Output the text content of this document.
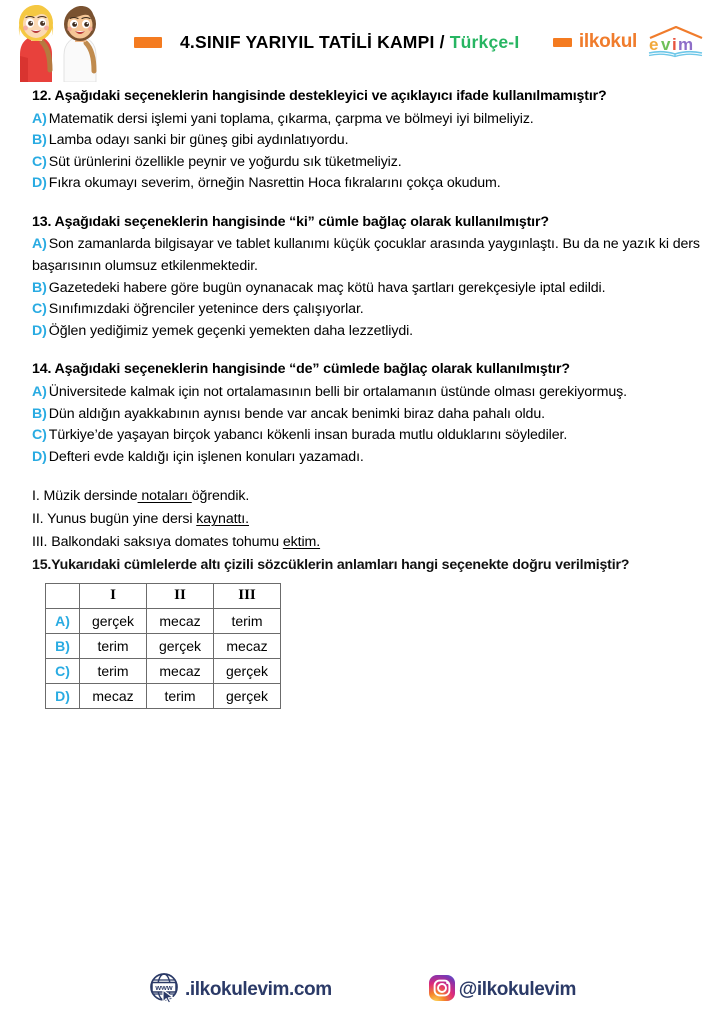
4.SINIF YARIYIL TATİLİ KAMPI / Türkçe-I	ilkokul e v i m

12. Aşağıdaki seçeneklerin hangisinde destekleyici ve açıklayıcı ifade kullanılmamıştır?

A) Matematik dersi işlemi yani toplama, çıkarma, çarpma ve bölmeyi iyi bilmeliyiz.

B) Lamba odayı sanki bir güneş gibi aydınlatıyordu.

C) Süt ürünlerini özellikle peynir ve yoğurdu sık tüketmeliyiz.

D) Fıkra okumayı severim, örneğin Nasrettin Hoca fıkralarını çokça okudum.

13. Aşağıdaki seçeneklerin hangisinde “ki” cümle bağlaç olarak kullanılmıştır?

A) Son zamanlarda bilgisayar ve tablet kullanımı küçük çocuklar arasında yaygınlaştı. Bu da ne yazık ki ders başarısının olumsuz etkilenmektedir.

B) Gazetedeki habere göre bugün oynanacak maç kötü hava şartları gerekçesiyle iptal edildi.

C) Sınıfımızdaki öğrenciler yetenince ders çalışıyorlar.

D) Öğlen yediğimiz yemek geçenki yemekten daha lezzetliydi.

14. Aşağıdaki seçeneklerin hangisinde “de” cümlede bağlaç olarak kullanılmıştır?

A) Üniversitede kalmak için not ortalamasının belli bir ortalamanın üstünde olması gerekiyormuş.

B) Dün aldığın ayakkabının aynısı bende var ancak benimki biraz daha pahalı oldu.

C) Türkiye’de yaşayan birçok yabancı kökenli insan burada mutlu olduklarını söylediler.

D) Defteri evde kaldığı için işlenen konuları yazamadı.

I. Müzik dersinde notaları öğrendik.

II. Yunus bugün yine dersi kaynattı.

III. Balkondaki saksıya domates tohumu ektim.

15.Yukarıdaki cümlelerde altı çizili sözcüklerin anlamları hangi seçenekte doğru verilmiştir?

	I	II	III
A)	gerçek	mecaz	terim
B)	terim	gerçek	mecaz
C)	terim	mecaz	gerçek
D)	mecaz	terim	gerçek
www .ilkokulevim.com	@ilkokulevim
